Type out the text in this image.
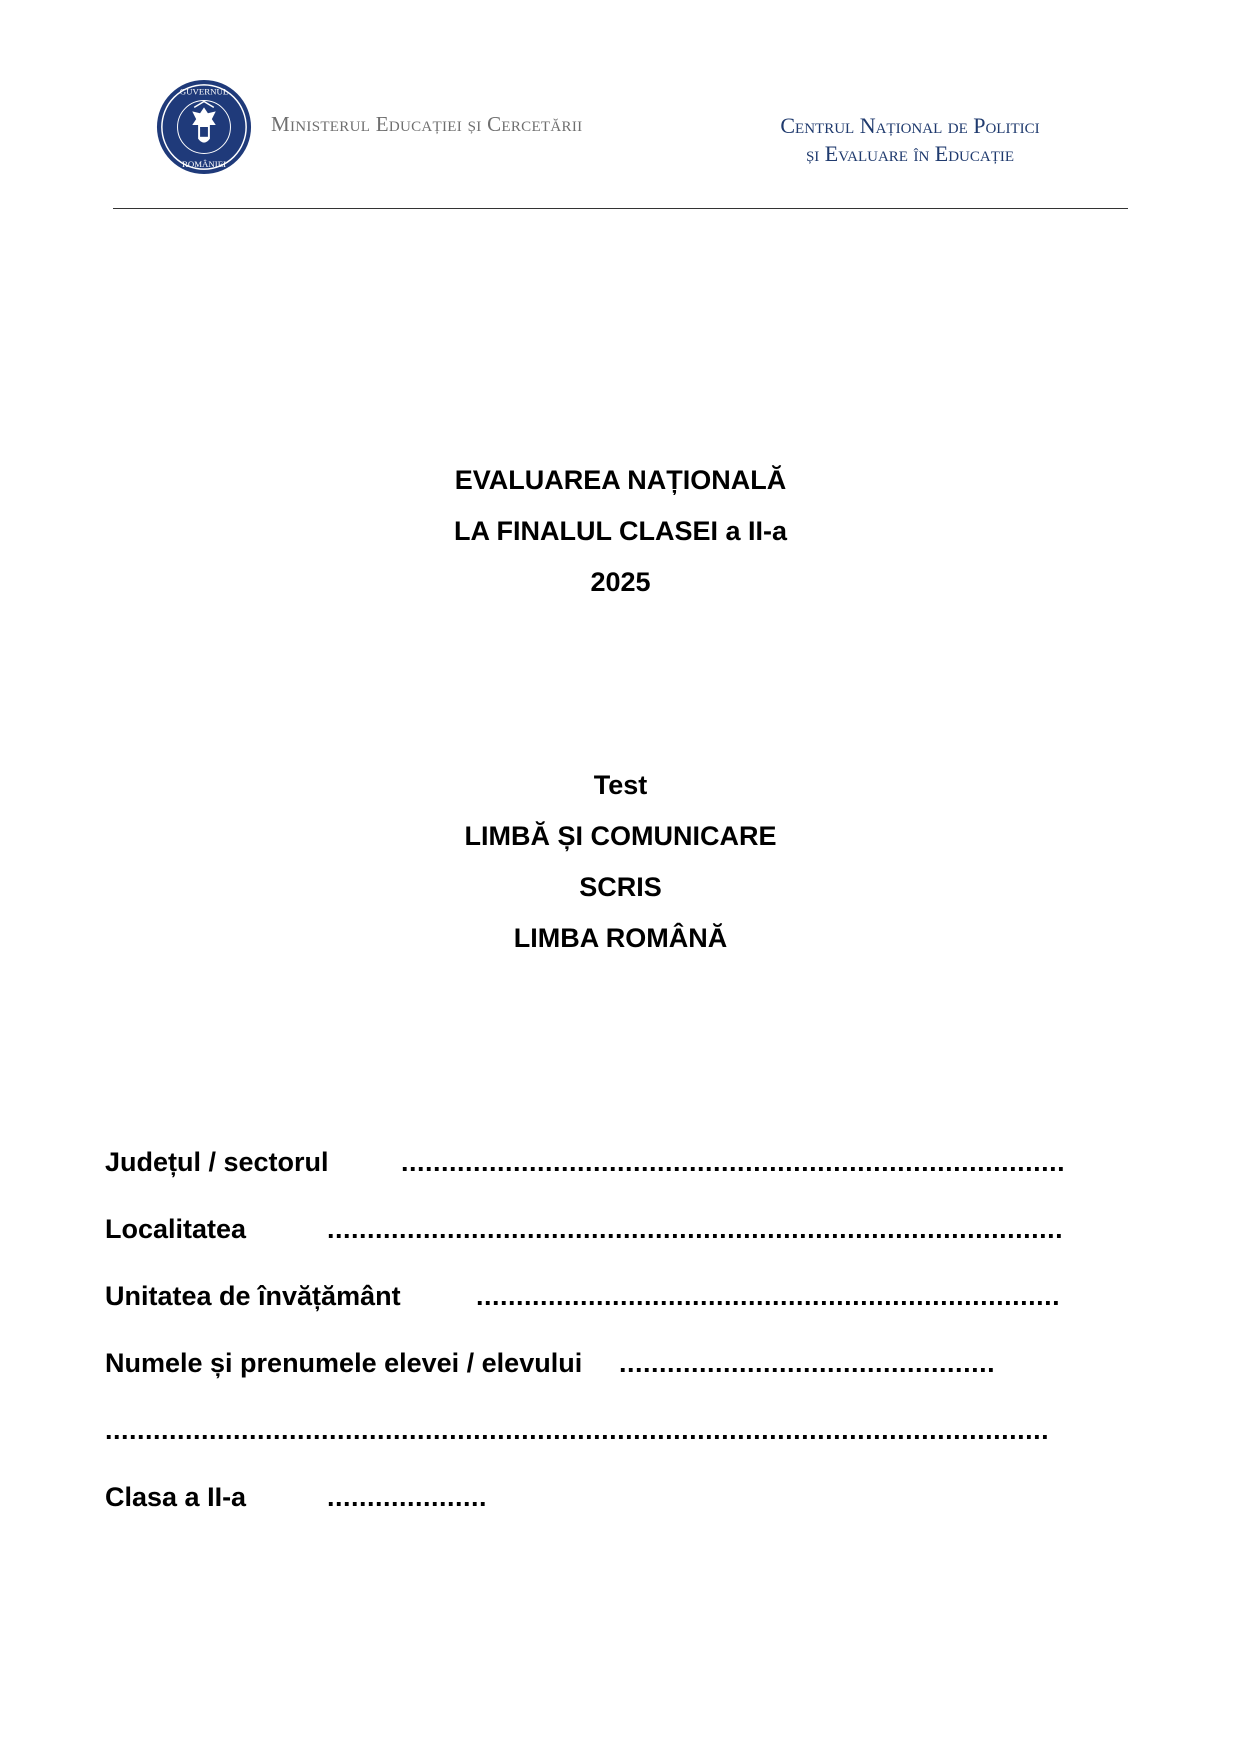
GUVERNUL
ROMÂNIEI
Ministerul Educației și Cercetării	Centrul Național de Politici
și Evaluare în Educație
EVALUAREA NAȚIONALĂ
LA FINALUL CLASEI a II-a
2025
Test
LIMBĂ ȘI COMUNICARE
SCRIS
LIMBA ROMÂNĂ
Județul / sectorul	...................................................................................
Localitatea	............................................................................................
Unitatea de învățământ	.........................................................................
Numele și prenumele elevei / elevului ...............................................
......................................................................................................................
Clasa a II-a	....................
